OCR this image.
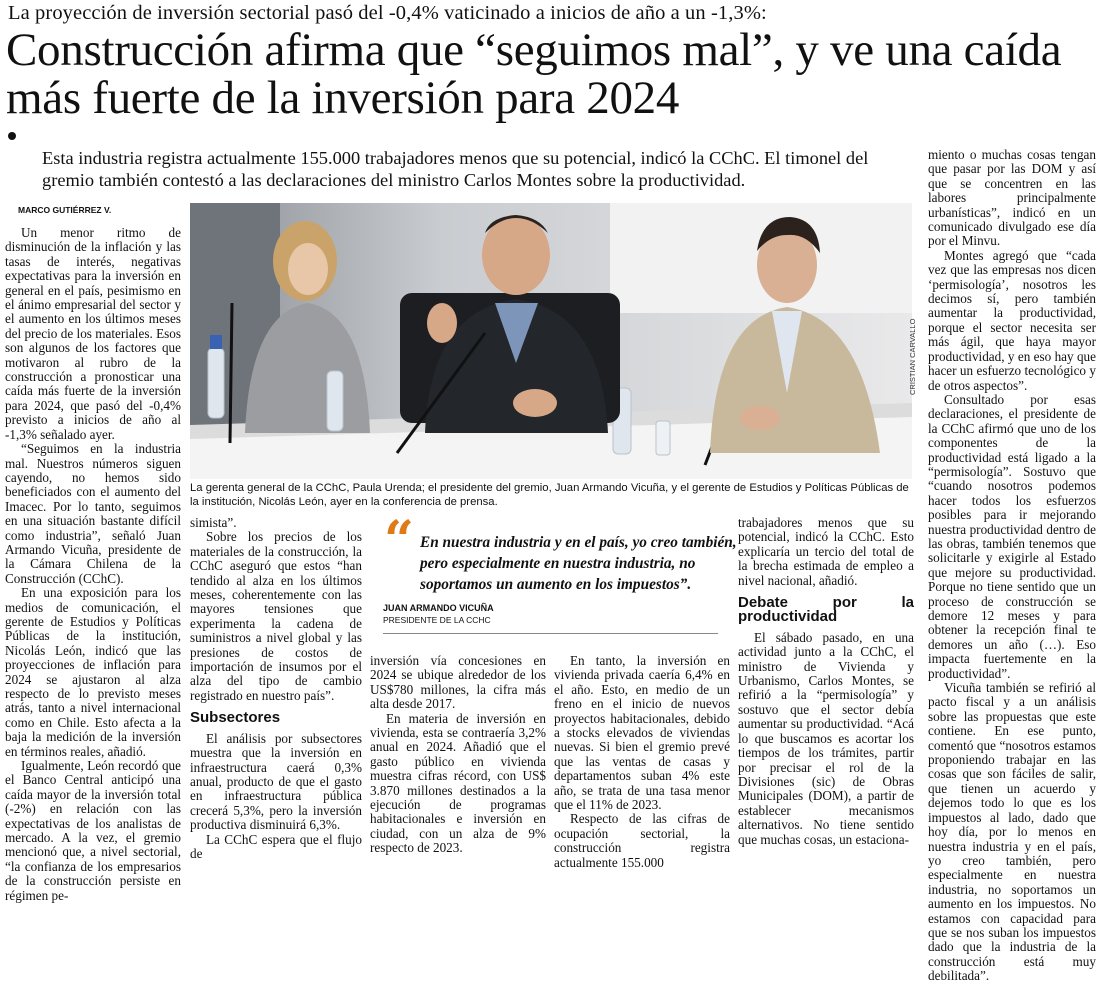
La proyección de inversión sectorial pasó del -0,4% vaticinado a inicios de año a un -1,3%:
Construcción afirma que “seguimos mal”, y ve una caída más fuerte de la inversión para 2024
Esta industria registra actualmente 155.000 trabajadores menos que su potencial, indicó la CChC. El timonel del gremio también contestó a las declaraciones del ministro Carlos Montes sobre la productividad.
MARCO GUTIÉRREZ V.

Un menor ritmo de disminución de la inflación y las tasas de interés, negativas expectativas para la inversión en general en el país, pesimismo en el ánimo empresarial del sector y el aumento en los últimos meses del precio de los materiales. Esos son algunos de los factores que motivaron al rubro de la construcción a pronosticar una caída más fuerte de la inversión para 2024, que pasó del -0,4% previsto a inicios de año al -1,3% señalado ayer.

“Seguimos en la industria mal. Nuestros números siguen cayendo, no hemos sido beneficiados con el aumento del Imacec. Por lo tanto, seguimos en una situación bastante difícil como industria”, señaló Juan Armando Vicuña, presidente de la Cámara Chilena de la Construcción (CChC).

En una exposición para los medios de comunicación, el gerente de Estudios y Políticas Públicas de la institución, Nicolás León, indicó que las proyecciones de inflación para 2024 se ajustaron al alza respecto de lo previsto meses atrás, tanto a nivel internacional como en Chile. Esto afecta a la baja la medición de la inversión en términos reales, añadió.

Igualmente, León recordó que el Banco Central anticipó una caída mayor de la inversión total (-2%) en relación con las expectativas de los analistas de mercado. A la vez, el gremio mencionó que, a nivel sectorial, “la confianza de los empresarios de la construcción persiste en régimen pe-

CRISTIAN CARVALLO
La gerenta general de la CChC, Paula Urenda; el presidente del gremio, Juan Armando Vicuña, y el gerente de Estudios y Políticas Públicas de la institución, Nicolás León, ayer en la conferencia de prensa.

simista”.

Sobre los precios de los materiales de la construcción, la CChC aseguró que estos “han tendido al alza en los últimos meses, coherentemente con las mayores tensiones que experimenta la cadena de suministros a nivel global y las presiones de costos de importación de insumos por el alza del tipo de cambio registrado en nuestro país”.

Subsectores

El análisis por subsectores muestra que la inversión en infraestructura caerá 0,3% anual, producto de que el gasto en infraestructura pública crecerá 5,3%, pero la inversión productiva disminuirá 6,3%.

La CChC espera que el flujo de

“ En nuestra industria y en el país, yo creo también, pero especialmente en nuestra industria, no soportamos un aumento en los impuestos”.
JUAN ARMANDO VICUÑA
PRESIDENTE DE LA CCHC

inversión vía concesiones en 2024 se ubique alrededor de los US$780 millones, la cifra más alta desde 2017.

En materia de inversión en vivienda, esta se contraería 3,2% anual en 2024. Añadió que el gasto público en vivienda muestra cifras récord, con US$ 3.870 millones destinados a la ejecución de programas habitacionales e inversión en ciudad, con un alza de 9% respecto de 2023.

En tanto, la inversión en vivienda privada caería 6,4% en el año. Esto, en medio de un freno en el inicio de nuevos proyectos habitacionales, debido a stocks elevados de viviendas nuevas. Si bien el gremio prevé que las ventas de casas y departamentos suban 4% este año, se trata de una tasa menor que el 11% de 2023.

Respecto de las cifras de ocupación sectorial, la construcción registra actualmente 155.000

trabajadores menos que su potencial, indicó la CChC. Esto explicaría un tercio del total de la brecha estimada de empleo a nivel nacional, añadió.

Debate por la productividad

El sábado pasado, en una actividad junto a la CChC, el ministro de Vivienda y Urbanismo, Carlos Montes, se refirió a la “permisología” y sostuvo que el sector debía aumentar su productividad. “Acá lo que buscamos es acortar los tiempos de los trámites, partir por precisar el rol de la Divisiones (sic) de Obras Municipales (DOM), a partir de establecer mecanismos alternativos. No tiene sentido que muchas cosas, un estaciona-

miento o muchas cosas tengan que pasar por las DOM y así que se concentren en las labores principalmente urbanísticas”, indicó en un comunicado divulgado ese día por el Minvu.

Montes agregó que “cada vez que las empresas nos dicen ‘permisología’, nosotros les decimos sí, pero también aumentar la productividad, porque el sector necesita ser más ágil, que haya mayor productividad, y en eso hay que hacer un esfuerzo tecnológico y de otros aspectos”.

Consultado por esas declaraciones, el presidente de la CChC afirmó que uno de los componentes de la productividad está ligado a la “permisología”. Sostuvo que “cuando nosotros podemos hacer todos los esfuerzos posibles para ir mejorando nuestra productividad dentro de las obras, también tenemos que solicitarle y exigirle al Estado que mejore su productividad. Porque no tiene sentido que un proceso de construcción se demore 12 meses y para obtener la recepción final te demores un año (…). Eso impacta fuertemente en la productividad”.

Vicuña también se refirió al pacto fiscal y a un análisis sobre las propuestas que este contiene. En ese punto, comentó que “nosotros estamos proponiendo trabajar en las cosas que son fáciles de salir, que tienen un acuerdo y dejemos todo lo que es los impuestos al lado, dado que hoy día, por lo menos en nuestra industria y en el país, yo creo también, pero especialmente en nuestra industria, no soportamos un aumento en los impuestos. No estamos con capacidad para que se nos suban los impuestos dado que la industria de la construcción está muy debilitada”.
